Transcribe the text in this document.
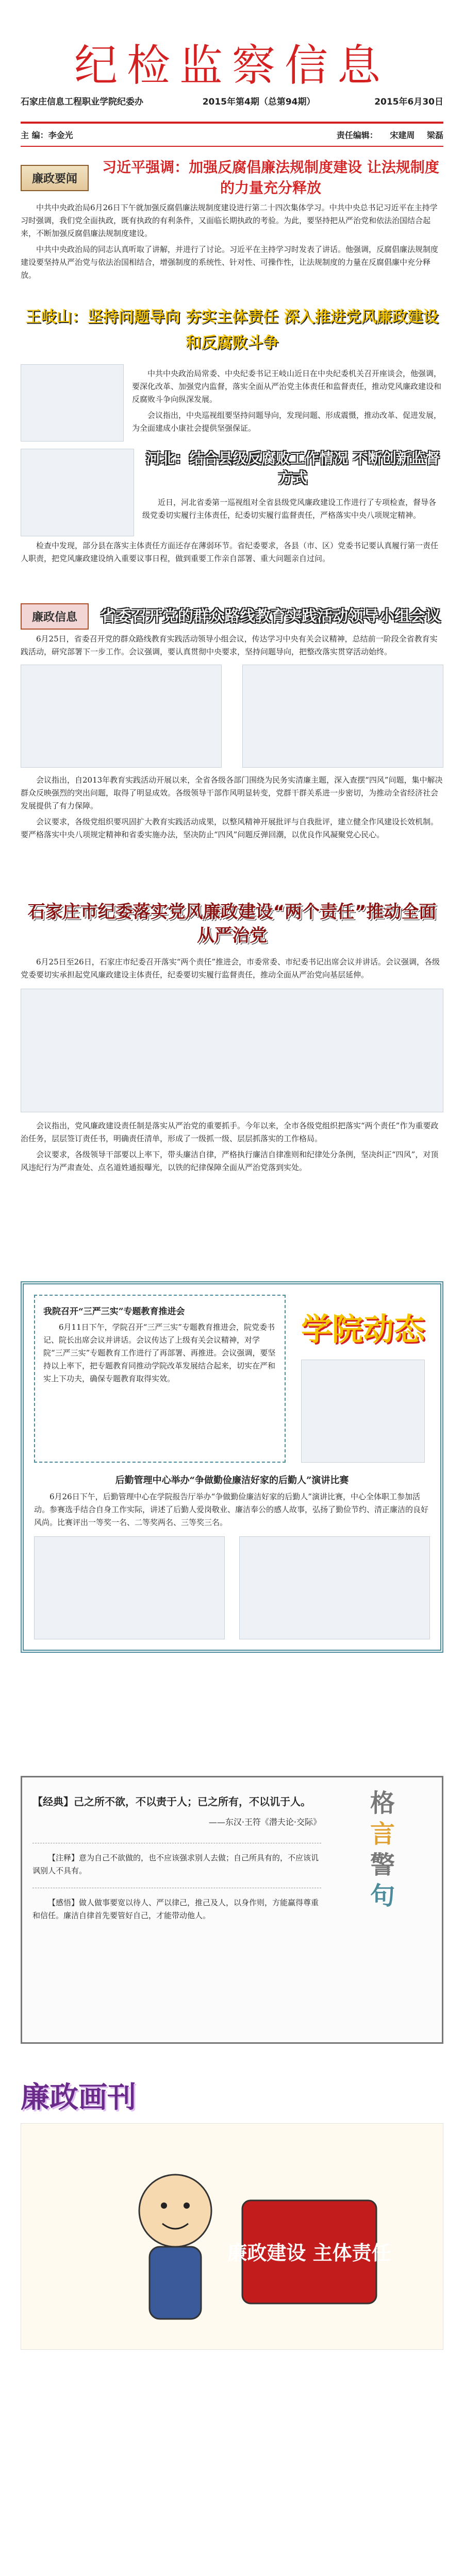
纪检监察信息
石家庄信息工程职业学院纪委办	2015年第4期（总第94期）	2015年6月30日
主 编：李金光	责任编辑： 宋建周 梁磊
廉政要闻
习近平强调：加强反腐倡廉法规制度建设 让法规制度的力量充分释放

中共中央政治局6月26日下午就加强反腐倡廉法规制度建设进行第二十四次集体学习。中共中央总书记习近平在主持学习时强调，我们党全面执政，既有执政的有利条件，又面临长期执政的考验。为此，要坚持把从严治党和依法治国结合起来，不断加强反腐倡廉法规制度建设。

中共中央政治局的同志认真听取了讲解，并进行了讨论。习近平在主持学习时发表了讲话。他强调，反腐倡廉法规制度建设要坚持从严治党与依法治国相结合，增强制度的系统性、针对性、可操作性，让法规制度的力量在反腐倡廉中充分释放。

王岐山：坚持问题导向 夯实主体责任 深入推进党风廉政建设和反腐败斗争

中共中央政治局常委、中央纪委书记王岐山近日在中央纪委机关召开座谈会，他强调，要深化改革、加强党内监督，落实全面从严治党主体责任和监督责任，推动党风廉政建设和反腐败斗争向纵深发展。

会议指出，中央巡视组要坚持问题导向，发现问题、形成震慑，推动改革、促进发展，为全面建成小康社会提供坚强保证。

河北：结合县级反腐败工作情况 不断创新监督方式

近日，河北省委第一巡视组对全省县级党风廉政建设工作进行了专项检查，督导各级党委切实履行主体责任，纪委切实履行监督责任，严格落实中央八项规定精神。

检查中发现，部分县在落实主体责任方面还存在薄弱环节。省纪委要求，各县（市、区）党委书记要认真履行第一责任人职责，把党风廉政建设纳入重要议事日程，做到重要工作亲自部署、重大问题亲自过问。

廉政信息	省委召开党的群众路线教育实践活动领导小组会议

6月25日，省委召开党的群众路线教育实践活动领导小组会议，传达学习中央有关会议精神，总结前一阶段全省教育实践活动，研究部署下一步工作。会议强调，要认真贯彻中央要求，坚持问题导向，把整改落实贯穿活动始终。

会议指出，自2013年教育实践活动开展以来，全省各级各部门围绕为民务实清廉主题，深入查摆“四风”问题，集中解决群众反映强烈的突出问题，取得了明显成效。各级领导干部作风明显转变，党群干群关系进一步密切，为推动全省经济社会发展提供了有力保障。

会议要求，各级党组织要巩固扩大教育实践活动成果，以整风精神开展批评与自我批评，建立健全作风建设长效机制。要严格落实中央八项规定精神和省委实施办法，坚决防止“四风”问题反弹回潮，以优良作风凝聚党心民心。

石家庄市纪委落实党风廉政建设“两个责任”推动全面从严治党

6月25日至26日，石家庄市纪委召开落实“两个责任”推进会，市委常委、市纪委书记出席会议并讲话。会议强调，各级党委要切实承担起党风廉政建设主体责任，纪委要切实履行监督责任，推动全面从严治党向基层延伸。

会议指出，党风廉政建设责任制是落实从严治党的重要抓手。今年以来，全市各级党组织把落实“两个责任”作为重要政治任务，层层签订责任书，明确责任清单，形成了一级抓一级、层层抓落实的工作格局。

会议要求，各级领导干部要以上率下，带头廉洁自律，严格执行廉洁自律准则和纪律处分条例，坚决纠正“四风”，对顶风违纪行为严肃查处、点名道姓通报曝光，以铁的纪律保障全面从严治党落到实处。

我院召开“三严三实”专题教育推进会

6月11日下午，学院召开“三严三实”专题教育推进会，院党委书记、院长出席会议并讲话。会议传达了上级有关会议精神，对学院“三严三实”专题教育工作进行了再部署、再推进。会议强调，要坚持以上率下，把专题教育同推动学院改革发展结合起来，切实在严和实上下功夫，确保专题教育取得实效。

学院动态
后勤管理中心举办“争做勤俭廉洁好家的后勤人”演讲比赛

6月26日下午，后勤管理中心在学院报告厅举办“争做勤俭廉洁好家的后勤人”演讲比赛，中心全体职工参加活动。参赛选手结合自身工作实际，讲述了后勤人爱岗敬业、廉洁奉公的感人故事，弘扬了勤俭节约、清正廉洁的良好风尚。比赛评出一等奖一名、二等奖两名、三等奖三名。

【经典】己之所不欲，不以责于人；已之所有，不以讥于人。
——东汉·王符《潜夫论·交际》

【注释】意为自己不欲做的，也不应该强求别人去做；自己所具有的，不应该讥讽别人不具有。

【感悟】做人做事要宽以待人、严以律己，推己及人，以身作则，方能赢得尊重和信任。廉洁自律首先要管好自己，才能带动他人。

格
言
警
句
廉政画刊
廉政建设 主体责任
